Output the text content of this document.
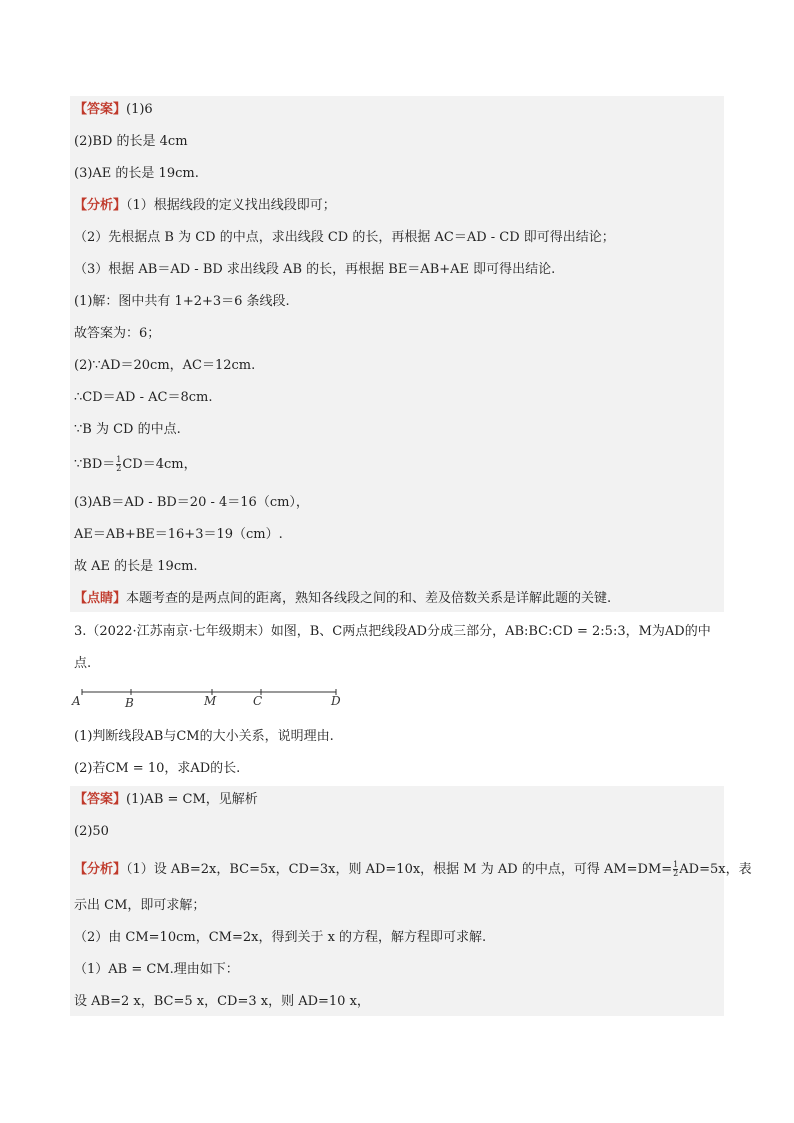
【答案】(1)6
(2)BD 的长是 4cm
(3)AE 的长是 19cm.
【分析】（1）根据线段的定义找出线段即可；
（2）先根据点 B 为 CD 的中点，求出线段 CD 的长，再根据 AC＝AD - CD 即可得出结论；
（3）根据 AB＝AD - BD 求出线段 AB 的长，再根据 BE＝AB+AE 即可得出结论.
(1)解：图中共有 1+2+3＝6 条线段.
故答案为：6；
(2)∵AD＝20cm，AC＝12cm.
∴CD＝AD - AC＝8cm.
∵B 为 CD 的中点.
∵BD＝ $\frac{1}{2} CD=4cm$，
(3)AB＝AD - BD＝20 - 4＝16（cm），
AE＝AB+BE＝16+3＝19（cm）.
故 AE 的长是 19cm.
【点睛】本题考查的是两点间的距离，熟知各线段之间的和、差及倍数关系是详解此题的关键.
3.（2022·江苏南京·七年级期末）如图，B、C两点把线段AD分成三部分，AB:BC:CD = 2:5:3，M为AD的中
点.
A	B	M	C	D
(1)判断线段AB与CM的大小关系，说明理由.
(2)若CM = 10，求AD的长.
【答案】(1)AB = CM，见解析
(2)50
【分析】（1）设 AB=2x，BC=5x，CD=3x，则 AD=10x，根据 M 为 AD 的中点，可得 $AM=DM= \frac{1}{2} AD=5x$，表
示出 CM，即可求解；
（2）由 CM=10cm，CM=2x，得到关于 x 的方程，解方程即可求解.
（1）AB = CM.理由如下：
设 AB=2 x，BC=5 x，CD=3 x，则 AD=10 x，
